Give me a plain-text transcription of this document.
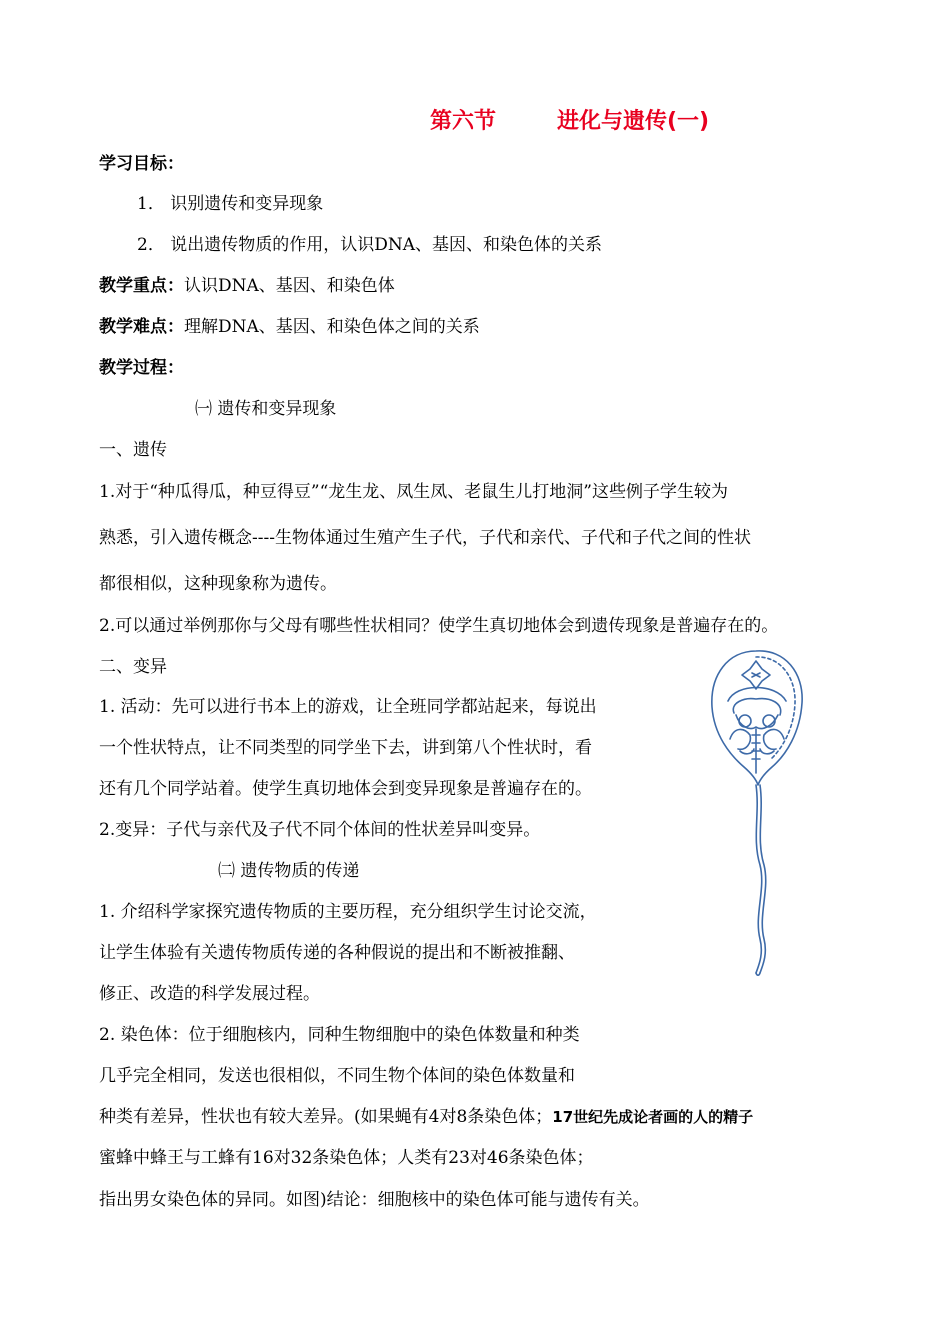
第六节	进化与遗传(一)
学习目标：
1． 识别遗传和变异现象
2． 说出遗传物质的作用，认识DNA、基因、和染色体的关系
教学重点：认识DNA、基因、和染色体
教学难点：理解DNA、基因、和染色体之间的关系
教学过程：
㈠ 遗传和变异现象
一、遗传
1.对于“种瓜得瓜，种豆得豆”“龙生龙、凤生凤、老鼠生儿打地洞”这些例子学生较为
熟悉，引入遗传概念----生物体通过生殖产生子代，子代和亲代、子代和子代之间的性状
都很相似，这种现象称为遗传。
2.可以通过举例那你与父母有哪些性状相同？使学生真切地体会到遗传现象是普遍存在的。
二、变异
1. 活动：先可以进行书本上的游戏，让全班同学都站起来，每说出
一个性状特点，让不同类型的同学坐下去，讲到第八个性状时，看
还有几个同学站着。使学生真切地体会到变异现象是普遍存在的。
2.变异：子代与亲代及子代不同个体间的性状差异叫变异。
㈡ 遗传物质的传递
1. 介绍科学家探究遗传物质的主要历程，充分组织学生讨论交流，
让学生体验有关遗传物质传递的各种假说的提出和不断被推翻、
修正、改造的科学发展过程。
2. 染色体：位于细胞核内，同种生物细胞中的染色体数量和种类
几乎完全相同，发送也很相似，不同生物个体间的染色体数量和
种类有差异，性状也有较大差异。(如果蝇有4对8条染色体；17世纪先成论者画的人的精子
蜜蜂中蜂王与工蜂有16对32条染色体；人类有23对46条染色体；
指出男女染色体的异同。如图)结论：细胞核中的染色体可能与遗传有关。
